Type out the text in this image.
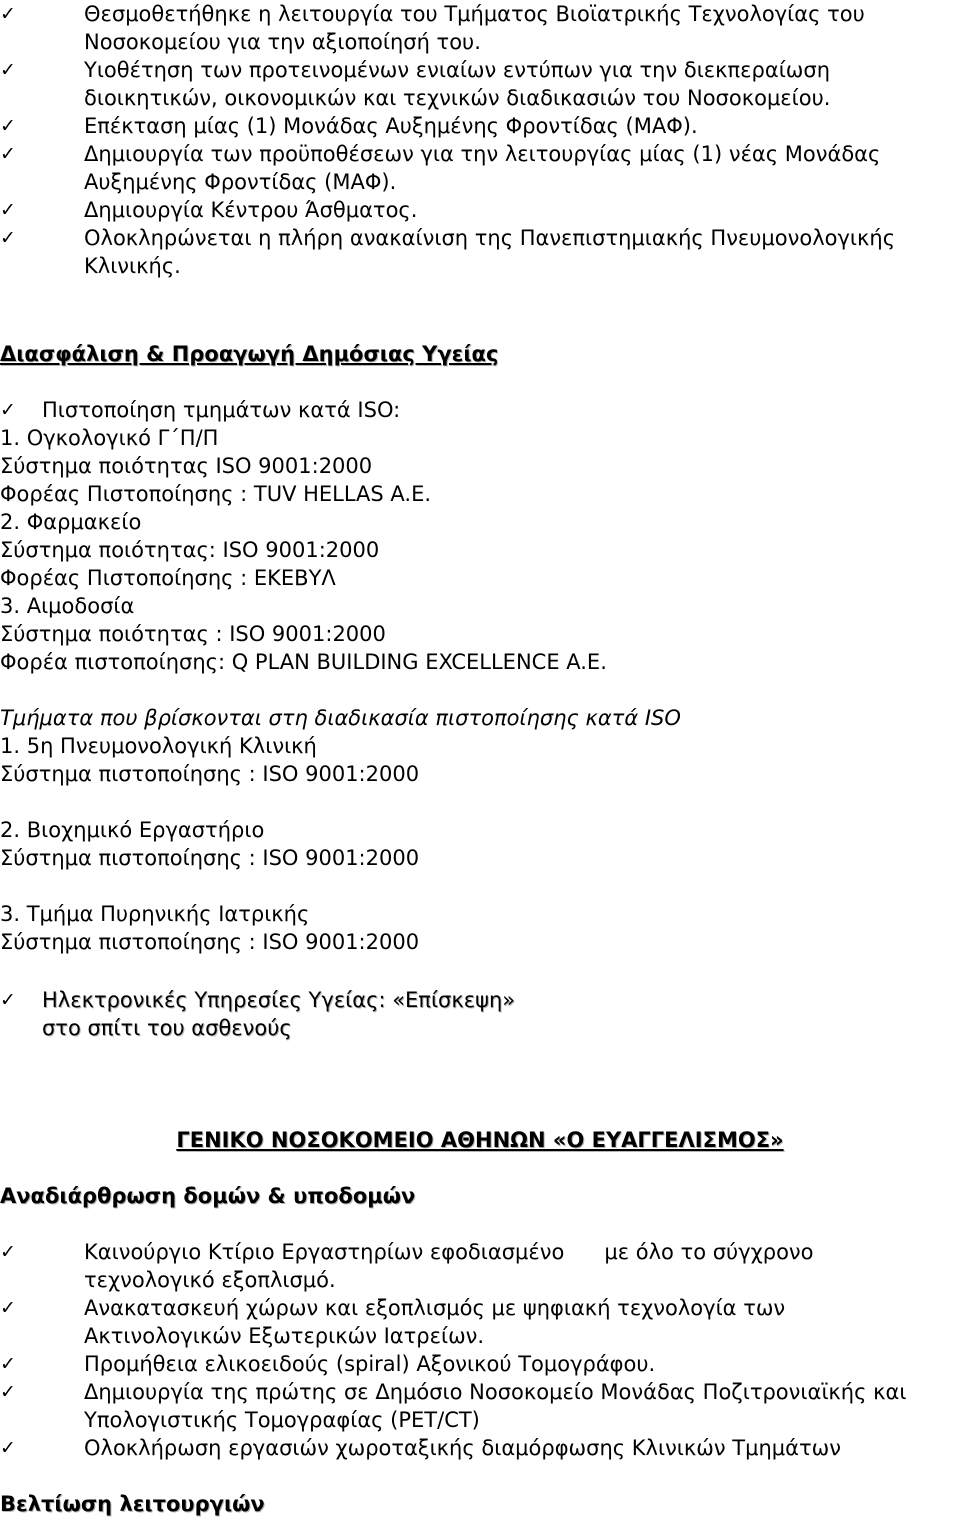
✓	Θεσμοθετήθηκε η λειτουργία του Τμήματος Βιοϊατρικής Τεχνολογίας του
Νοσοκομείου για την αξιοποίησή του.
✓	Υιοθέτηση των προτεινομένων ενιαίων εντύπων για την διεκπεραίωση
διοικητικών, οικονομικών και τεχνικών διαδικασιών του Νοσοκομείου.
✓	Επέκταση μίας (1) Μονάδας Αυξημένης Φροντίδας (ΜΑΦ).
✓	Δημιουργία των προϋποθέσεων για την λειτουργίας μίας (1) νέας Μονάδας
Αυξημένης Φροντίδας (ΜΑΦ).
✓	Δημιουργία Κέντρου Άσθματος.
✓	Ολοκληρώνεται η πλήρη ανακαίνιση της Πανεπιστημιακής Πνευμονολογικής
Κλινικής.
Διασφάλιση & Προαγωγή Δημόσιας Υγείας
✓ Πιστοποίηση τμημάτων κατά ISO:
1. Ογκολογικό Γ΄Π/Π
Σύστημα ποιότητας ISO 9001:2000
Φορέας Πιστοποίησης : TUV HELLAS A.E.
2. Φαρμακείο
Σύστημα ποιότητας: ISO 9001:2000
Φορέας Πιστοποίησης : ΕΚΕΒΥΛ
3. Αιμοδοσία
Σύστημα ποιότητας : ISO 9001:2000
Φορέα πιστοποίησης: Q PLAN BUILDING EXCELLENCE A.E.
Τμήματα που βρίσκονται στη διαδικασία πιστοποίησης κατά ISO
1. 5η Πνευμονολογική Κλινική
Σύστημα πιστοποίησης : ISO 9001:2000
2. Βιοχημικό Εργαστήριο
Σύστημα πιστοποίησης : ISO 9001:2000
3. Τμήμα Πυρηνικής Ιατρικής
Σύστημα πιστοποίησης : ISO 9001:2000
✓ Ηλεκτρονικές Υπηρεσίες Υγείας: «Επίσκεψη»
στο σπίτι του ασθενούς
ΓΕΝΙΚΟ ΝΟΣΟΚΟΜΕΙΟ ΑΘΗΝΩΝ «Ο ΕΥΑΓΓΕΛΙΣΜΟΣ»
Αναδιάρθρωση δομών & υποδομών
✓	Καινούργιο Κτίριο Εργαστηρίων εφοδιασμένο      με όλο το σύγχρονο
τεχνολογικό εξοπλισμό.
✓	Ανακατασκευή χώρων και εξοπλισμός με ψηφιακή τεχνολογία των
Ακτινολογικών Εξωτερικών Ιατρείων.
✓	Προμήθεια ελικοειδούς (spiral) Αξονικού Τομογράφου.
✓	Δημιουργία της πρώτης σε Δημόσιο Νοσοκομείο Μονάδας Ποζιτρονιαϊκής και
Υπολογιστικής Τομογραφίας (PET/CT)
✓	Ολοκλήρωση εργασιών χωροταξικής διαμόρφωσης Κλινικών Τμημάτων
Βελτίωση λειτουργιών
